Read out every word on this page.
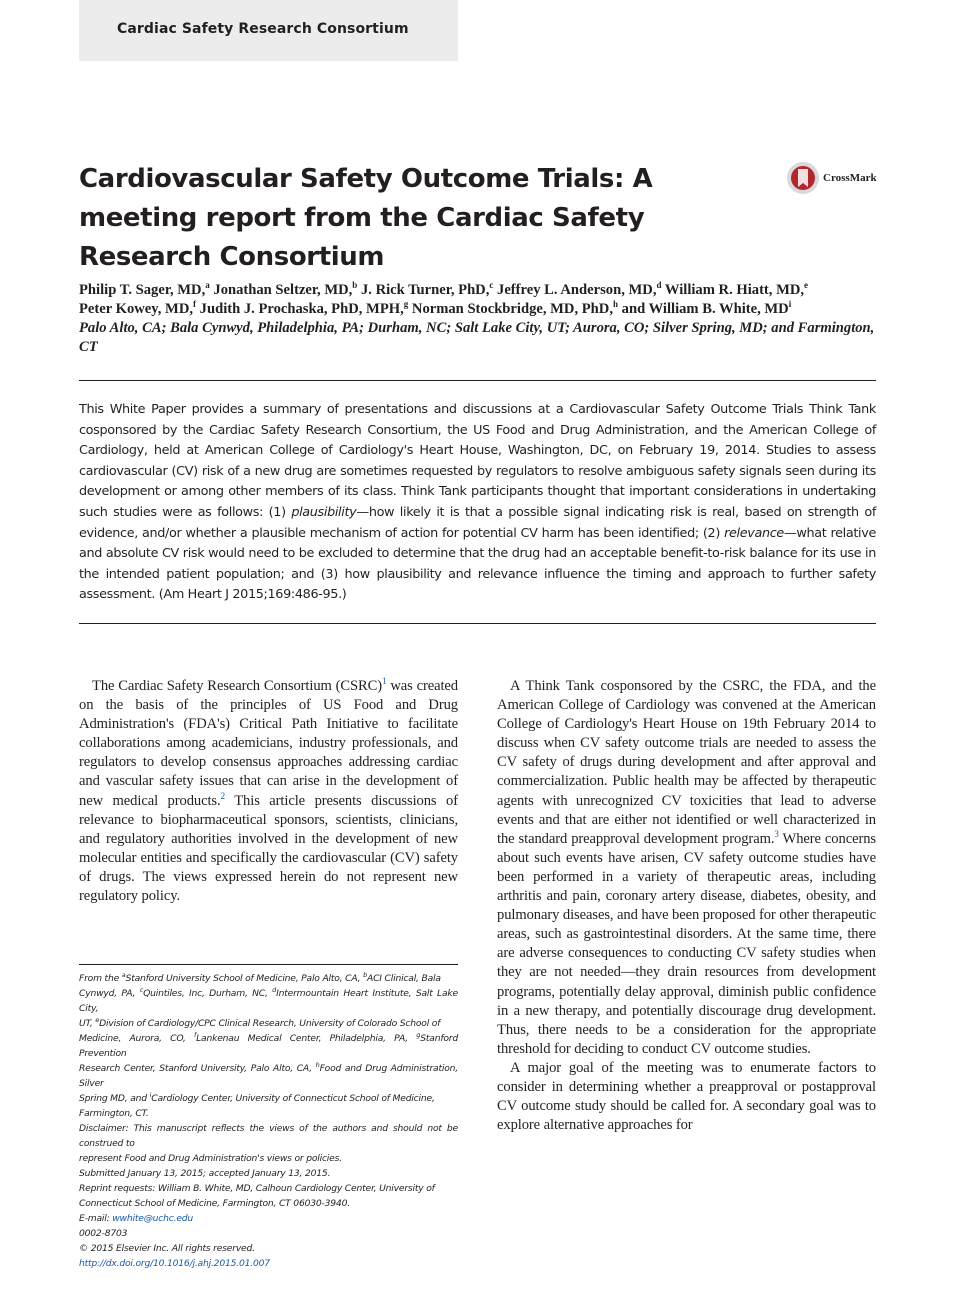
Cardiac Safety Research Consortium
Cardiovascular Safety Outcome Trials: A meeting report from the Cardiac Safety Research Consortium
CrossMark
Philip T. Sager, MD,$^a$ Jonathan Seltzer, MD,$^b$ J. Rick Turner, PhD,$^c$ Jeffrey L. Anderson, MD,$^d$ William R. Hiatt, MD,$^e$
Peter Kowey, MD,$^f$ Judith J. Prochaska, PhD, MPH,$^g$ Norman Stockbridge, MD, PhD,$^h$ and William B. White, $MD^i$
Palo Alto, CA; Bala Cynwyd, Philadelphia, PA; Durham, NC; Salt Lake City, UT; Aurora, CO; Silver Spring, MD; and Farmington, CT

This White Paper provides a summary of presentations and discussions at a Cardiovascular Safety Outcome Trials Think Tank cosponsored by the Cardiac Safety Research Consortium, the US Food and Drug Administration, and the American College of Cardiology, held at American College of Cardiology's Heart House, Washington, DC, on February 19, 2014. Studies to assess cardiovascular (CV) risk of a new drug are sometimes requested by regulators to resolve ambiguous safety signals seen during its development or among other members of its class. Think Tank participants thought that important considerations in undertaking such studies were as follows: (1) plausibility—how likely it is that a possible signal indicating risk is real, based on strength of evidence, and/or whether a plausible mechanism of action for potential CV harm has been identified; (2) relevance—what relative and absolute CV risk would need to be excluded to determine that the drug had an acceptable benefit-to-risk balance for its use in the intended patient population; and (3) how plausibility and relevance influence the timing and approach to further safety assessment. (Am Heart J 2015;169:486-95.)

The Cardiac Safety Research Consortium (CSRC)$^1$ was created on the basis of the principles of US Food and Drug Administration's (FDA's) Critical Path Initiative to facilitate collaborations among academicians, industry professionals, and regulators to develop consensus approaches addressing cardiac and vascular safety issues that can arise in the development of new medical products.$^2$ This article presents discussions of relevance to biopharmaceutical sponsors, scientists, clinicians, and regulatory authorities involved in the development of new molecular entities and specifically the cardiovascular (CV) safety of drugs. The views expressed herein do not represent new regulatory policy.

A Think Tank cosponsored by the CSRC, the FDA, and the American College of Cardiology was convened at the American College of Cardiology's Heart House on 19th February 2014 to discuss when CV safety outcome trials are needed to assess the CV safety of drugs during development and after approval and commercialization. Public health may be affected by therapeutic agents with unrecognized CV toxicities that lead to adverse events and that are either not identified or well characterized in the standard preapproval development program.$^3$ Where concerns about such events have arisen, CV safety outcome studies have been performed in a variety of therapeutic areas, including arthritis and pain, coronary artery disease, diabetes, obesity, and pulmonary diseases, and have been proposed for other therapeutic areas, such as gastrointestinal disorders. At the same time, there are adverse consequences to conducting CV safety studies when they are not needed—they drain resources from development programs, potentially delay approval, diminish public confidence in a new therapy, and potentially discourage drug development. Thus, there needs to be a consideration for the appropriate threshold for deciding to conduct CV outcome studies.

A major goal of the meeting was to enumerate factors to consider in determining whether a preapproval or postapproval CV outcome study should be called for. A secondary goal was to explore alternative approaches for

From the $^a$Stanford University School of Medicine, Palo Alto, CA, $^b$ACI Clinical, Bala
Cynwyd, PA, $^c$Quintiles, Inc, Durham, NC, $^d$Intermountain Heart Institute, Salt Lake City,
UT, $^e$Division of Cardiology/CPC Clinical Research, University of Colorado School of
Medicine, Aurora, CO, $^f$Lankenau Medical Center, Philadelphia, PA, $^g$Stanford Prevention
Research Center, Stanford University, Palo Alto, CA, $^h$Food and Drug Administration, Silver
Spring MD, and $^i$Cardiology Center, University of Connecticut School of Medicine,
Farmington, CT.
Disclaimer: This manuscript reflects the views of the authors and should not be construed to
represent Food and Drug Administration's views or policies.
Submitted January 13, 2015; accepted January 13, 2015.
Reprint requests: William B. White, MD, Calhoun Cardiology Center, University of
Connecticut School of Medicine, Farmington, CT 06030-3940.
E-mail: wwhite@uchc.edu
0002-8703
© 2015 Elsevier Inc. All rights reserved.
http://dx.doi.org/10.1016/j.ahj.2015.01.007
